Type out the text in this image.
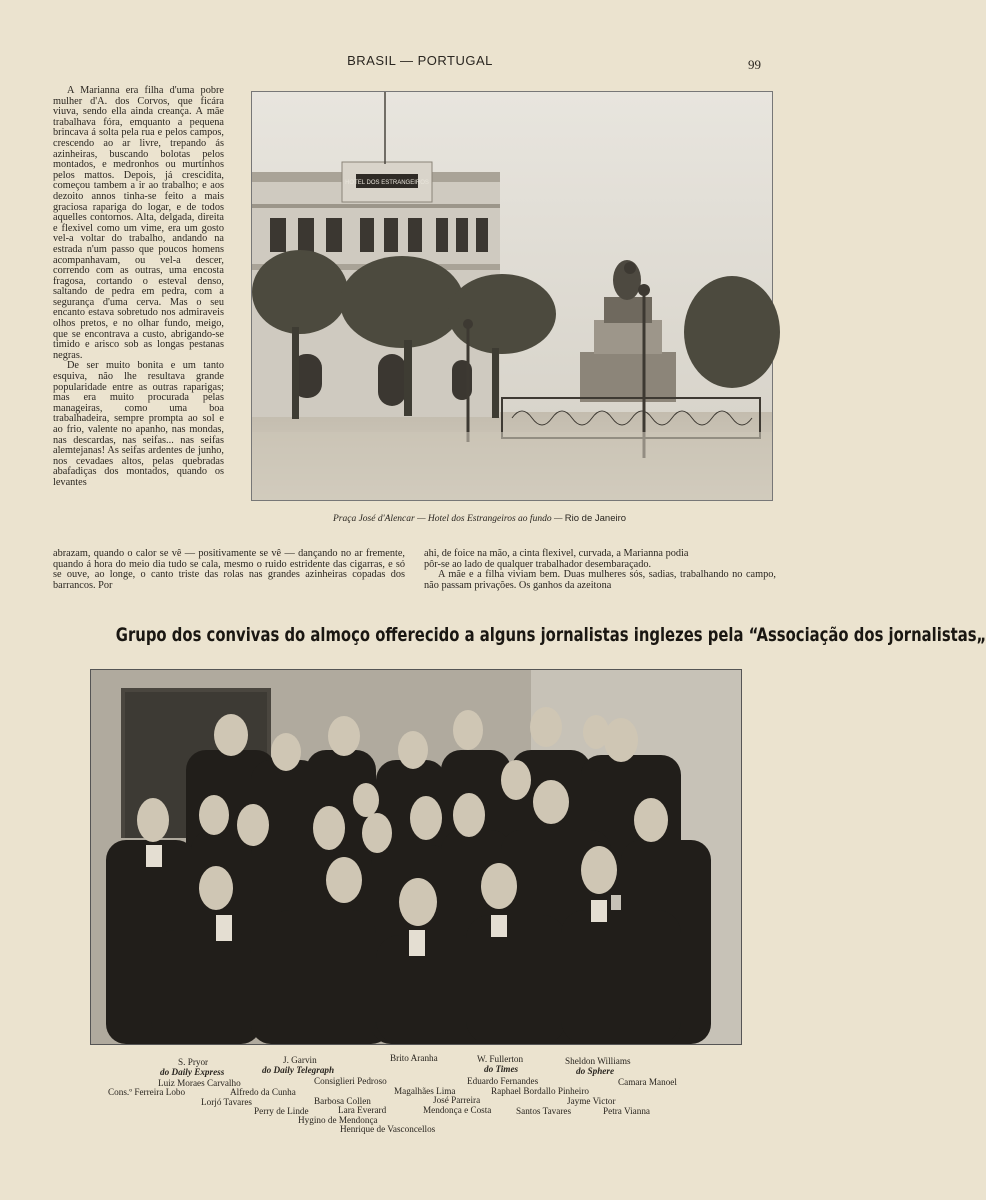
BRASIL — PORTUGAL	99

A Marianna era filha d'uma pobre mulher d'A. dos Corvos, que ficára viuva, sendo ella ainda creança. A mãe trabalhava fóra, emquanto a pequena brincava á solta pela rua e pelos campos, crescendo ao ar livre, trepando ás azinheiras, buscando bolotas pelos montados, e medronhos ou murtinhos pelos mattos. Depois, já crescidita, começou tambem a ir ao trabalho; e aos dezoito annos tinha-se feito a mais graciosa rapariga do logar, e de todos aquelles contornos. Alta, delgada, direita e flexivel como um vime, era um gosto vel-a voltar do trabalho, andando na estrada n'um passo que poucos homens acompanhavam, ou vel-a descer, correndo com as outras, uma encosta fragosa, cortando o esteval denso, saltando de pedra em pedra, com a segurança d'uma cerva. Mas o seu encanto estava sobretudo nos admiraveis olhos pretos, e no olhar fundo, meigo, que se encontrava a custo, abrigando-se timido e arisco sob as longas pestanas negras.

De ser muito bonita e um tanto esquiva, não lhe resultava grande popularidade entre as outras raparigas; mas era muito procurada pelas manageiras, como uma boa trabalhadeira, sempre prompta ao sol e ao frio, valente no apanho, nas mondas, nas descardas, nas seifas... nas seifas alemtejanas! As seifas ardentes de junho, nos cevadaes altos, pelas quebradas abafadiças dos montados, quando os levantes

HOTEL DOS ESTRANGEIROS
Praça José d'Alencar — Hotel dos Estrangeiros ao fundo — Rio de Janeiro

abrazam, quando o calor se vê — positivamente se vê — dançando no ar fremente, quando á hora do meio dia tudo se cala, mesmo o ruido estridente das cigarras, e só se ouve, ao longe, o canto triste das rolas nas grandes azinheiras copadas dos barrancos. Por

ahi, de foice na mão, a cinta flexivel, curvada, a Marianna podia
pôr-se ao lado de qualquer trabalhador desembaraçado.
A mãe e a filha viviam bem. Duas mulheres sós, sadias, trabalhando no campo, não passam privações. Os ganhos da azeitona
Grupo dos convivas do almoço offerecido a alguns jornalistas inglezes pela “Associação dos jornalistas„
S. Pryor
do Daily Express
J. Garvin
do Daily Telegraph
Brito Aranha	W. Fullerton
do Times
Sheldon Williams
do Sphere
Luiz Moraes Carvalho	Consiglieri Pedroso	Eduardo Fernandes	Camara Manoel
Cons.º Ferreira Lobo	Alfredo da Cunha	Magalhães Lima	Raphael Bordallo Pinheiro
Lorjó Tavares	Barbosa Collen	José Parreira	Jayme Victor
Perry de Linde	Lara Everard	Mendonça e Costa	Santos Tavares	Petra Vianna
Hygino de Mendonça
Henrique de Vasconcellos
